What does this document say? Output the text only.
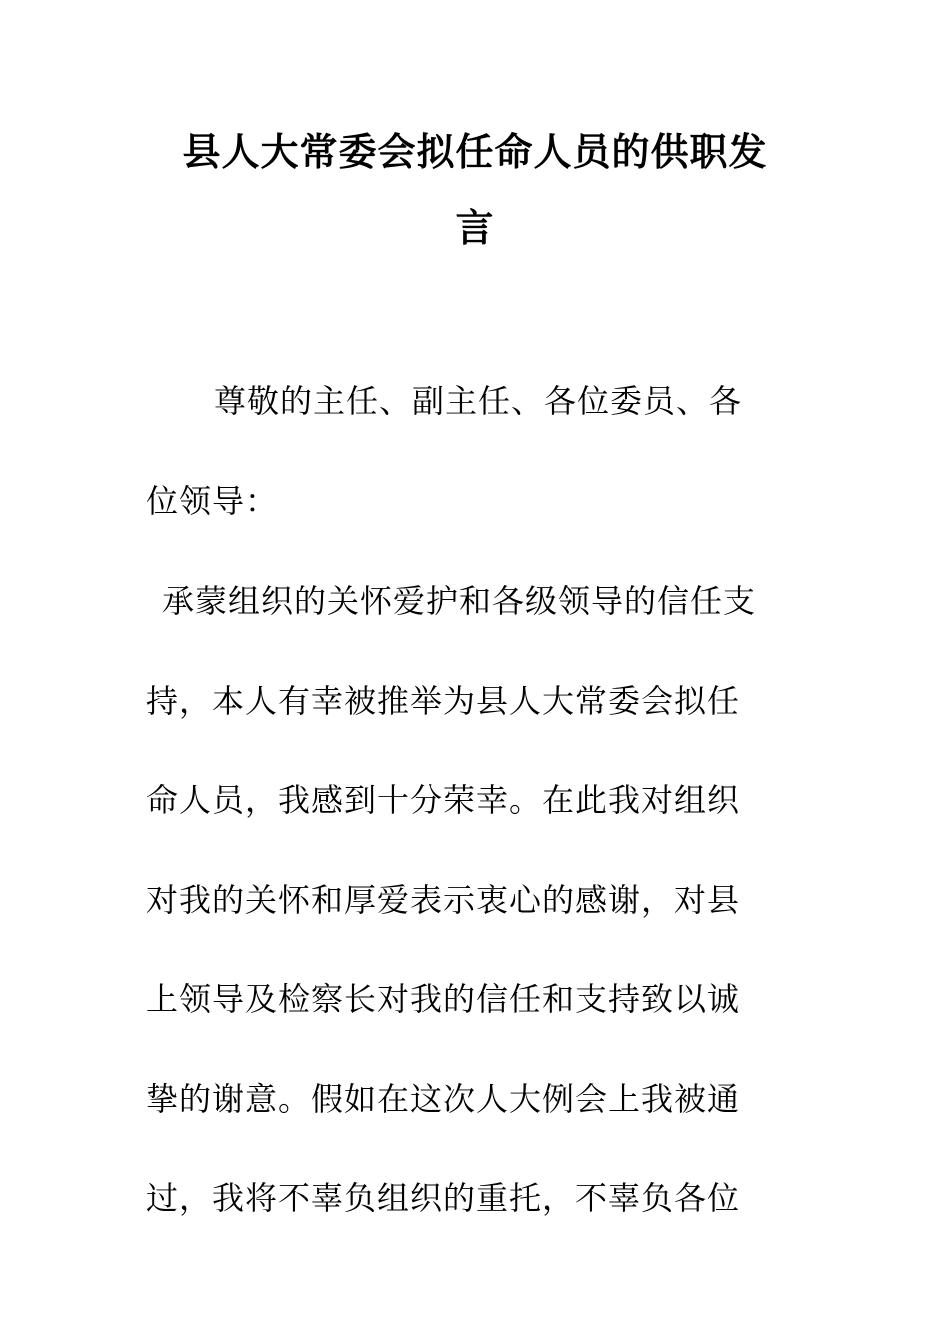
县人大常委会拟任命人员的供职发
言
尊敬的主任、副主任、各位委员、各
位领导：
承蒙组织的关怀爱护和各级领导的信任支
持，本人有幸被推举为县人大常委会拟任
命人员，我感到十分荣幸。在此我对组织
对我的关怀和厚爱表示衷心的感谢，对县
上领导及检察长对我的信任和支持致以诚
挚的谢意。假如在这次人大例会上我被通
过，我将不辜负组织的重托，不辜负各位
